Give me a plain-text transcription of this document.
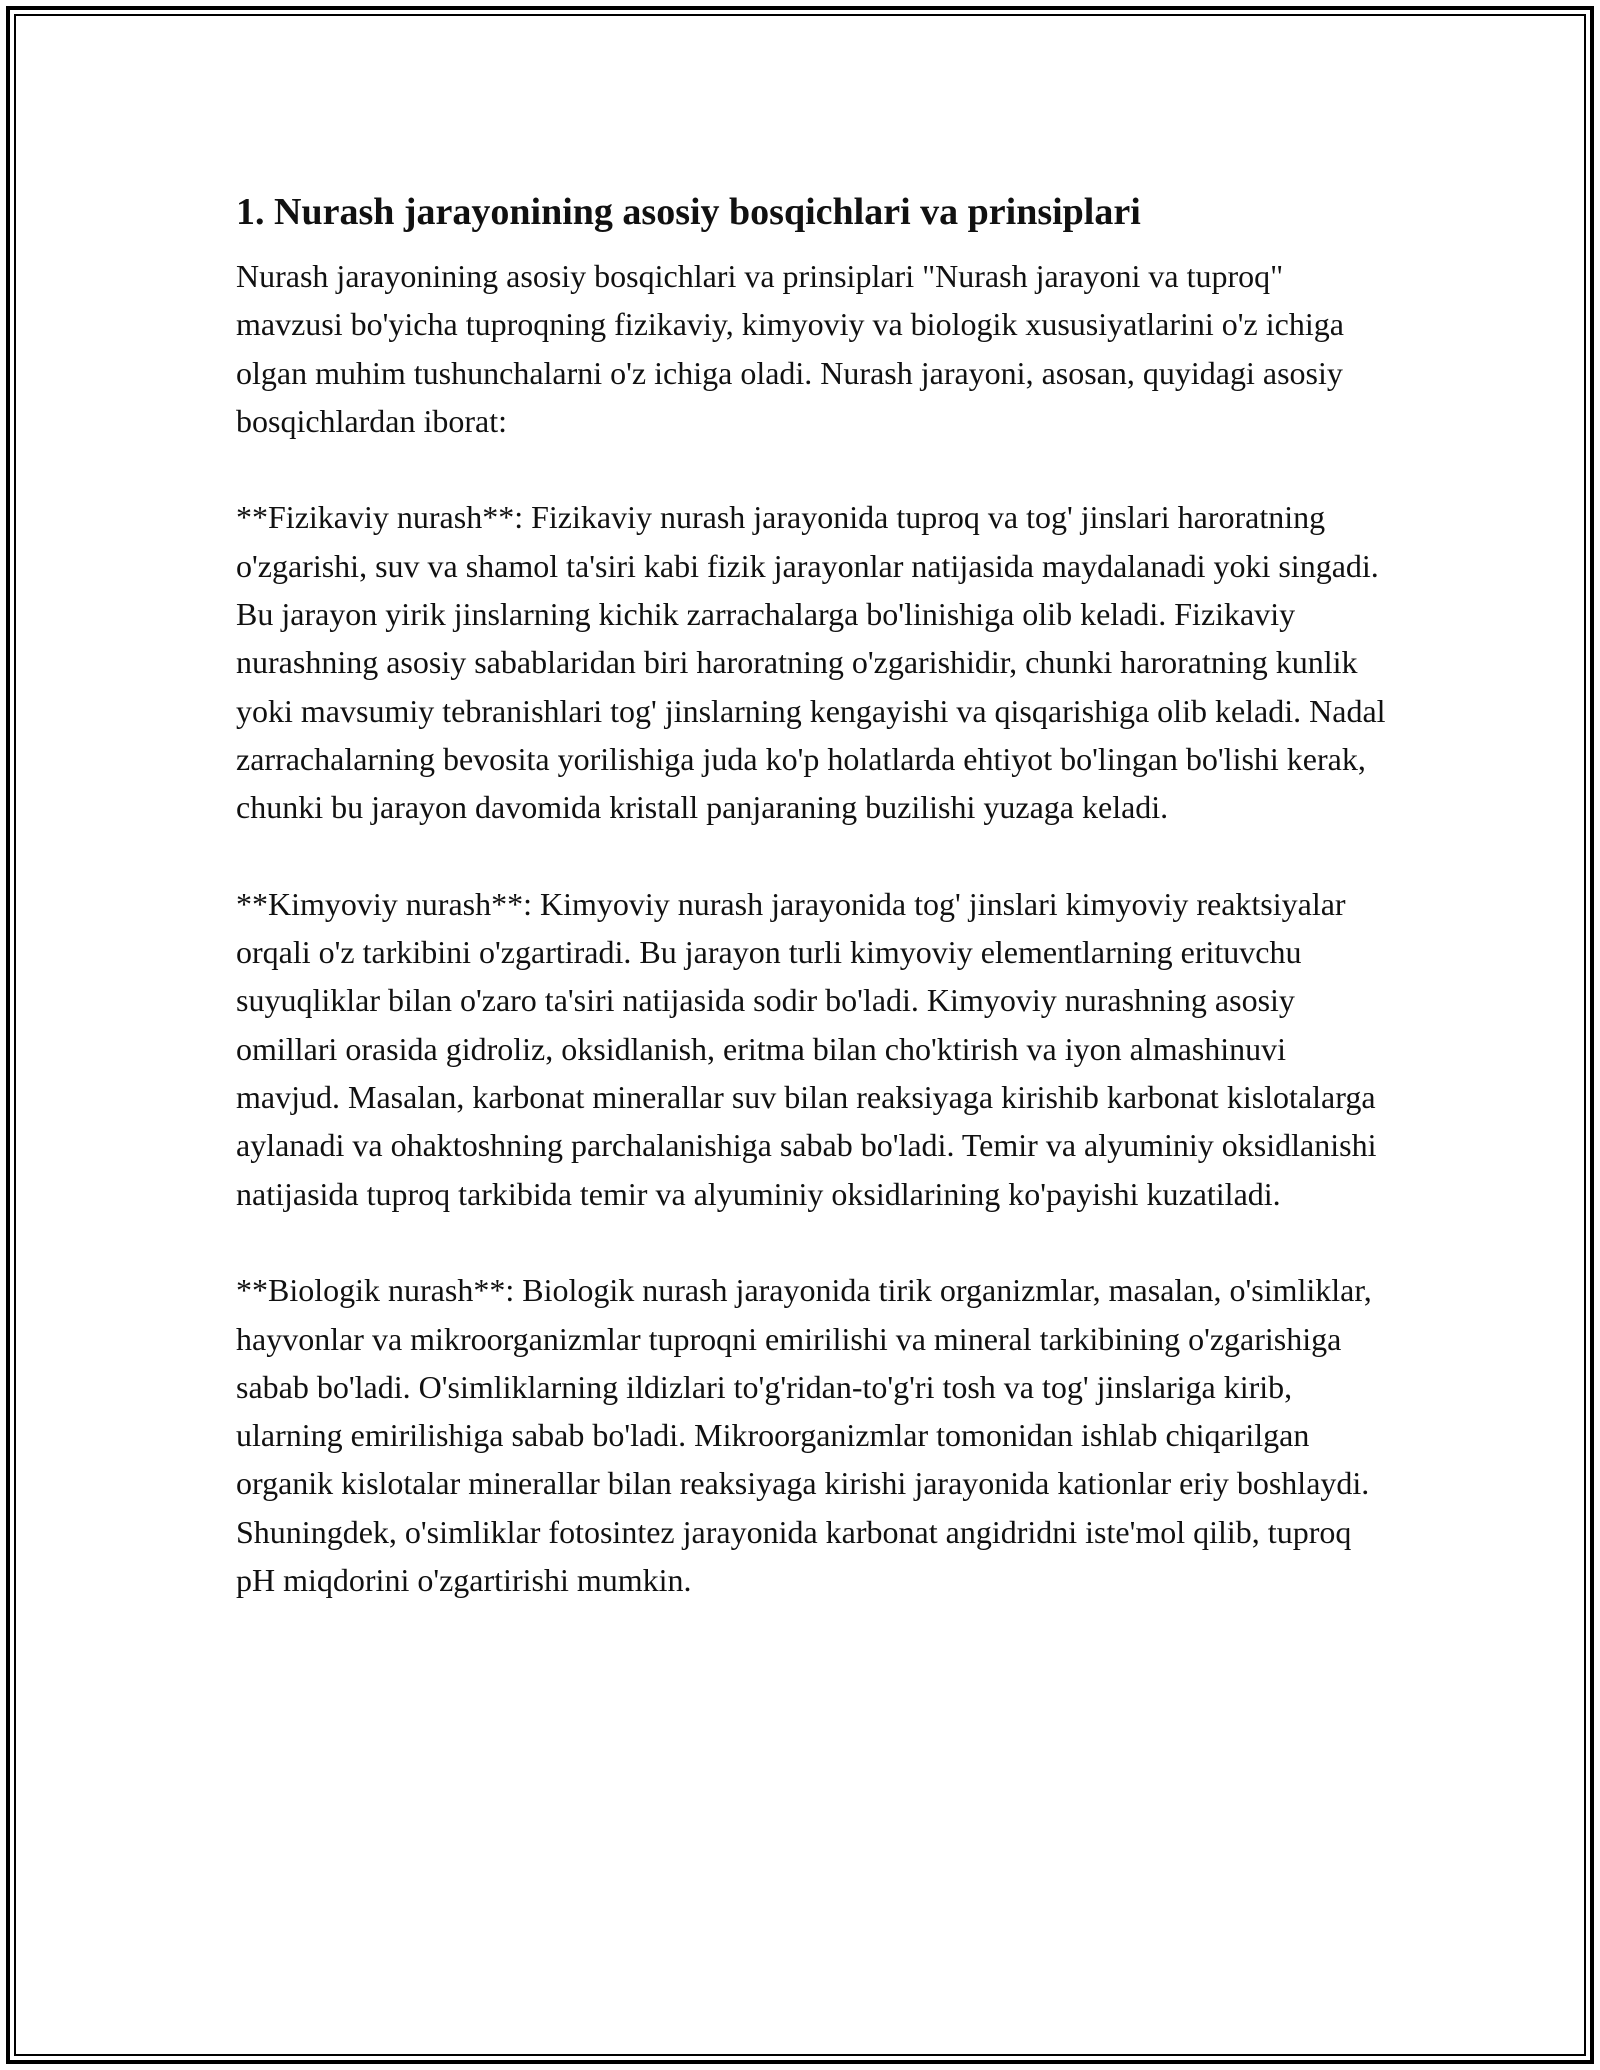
1. Nurash jarayonining asosiy bosqichlari va prinsiplari

Nurash jarayonining asosiy bosqichlari va prinsiplari "Nurash jarayoni va tuproq" mavzusi bo'yicha tuproqning fizikaviy, kimyoviy va biologik xususiyatlarini o'z ichiga olgan muhim tushunchalarni o'z ichiga oladi. Nurash jarayoni, asosan, quyidagi asosiy bosqichlardan iborat:

**Fizikaviy nurash**: Fizikaviy nurash jarayonida tuproq va tog' jinslari haroratning o'zgarishi, suv va shamol ta'siri kabi fizik jarayonlar natijasida maydalanadi yoki singadi. Bu jarayon yirik jinslarning kichik zarrachalarga bo'linishiga olib keladi. Fizikaviy nurashning asosiy sabablaridan biri haroratning o'zgarishidir, chunki haroratning kunlik yoki mavsumiy tebranishlari tog' jinslarning kengayishi va qisqarishiga olib keladi. Nadal zarrachalarning bevosita yorilishiga juda ko'p holatlarda ehtiyot bo'lingan bo'lishi kerak, chunki bu jarayon davomida kristall panjaraning buzilishi yuzaga keladi.

**Kimyoviy nurash**: Kimyoviy nurash jarayonida tog' jinslari kimyoviy reaktsiyalar orqali o'z tarkibini o'zgartiradi. Bu jarayon turli kimyoviy elementlarning erituvchu suyuqliklar bilan o'zaro ta'siri natijasida sodir bo'ladi. Kimyoviy nurashning asosiy omillari orasida gidroliz, oksidlanish, eritma bilan cho'ktirish va iyon almashinuvi mavjud. Masalan, karbonat minerallar suv bilan reaksiyaga kirishib karbonat kislotalarga aylanadi va ohaktoshning parchalanishiga sabab bo'ladi. Temir va alyuminiy oksidlanishi natijasida tuproq tarkibida temir va alyuminiy oksidlarining ko'payishi kuzatiladi.

**Biologik nurash**: Biologik nurash jarayonida tirik organizmlar, masalan, o'simliklar, hayvonlar va mikroorganizmlar tuproqni emirilishi va mineral tarkibining o'zgarishiga sabab bo'ladi. O'simliklarning ildizlari to'g'ridan-to'g'ri tosh va tog' jinslariga kirib, ularning emirilishiga sabab bo'ladi. Mikroorganizmlar tomonidan ishlab chiqarilgan organik kislotalar minerallar bilan reaksiyaga kirishi jarayonida kationlar eriy boshlaydi. Shuningdek, o'simliklar fotosintez jarayonida karbonat angidridni iste'mol qilib, tuproq pH miqdorini o'zgartirishi mumkin.
